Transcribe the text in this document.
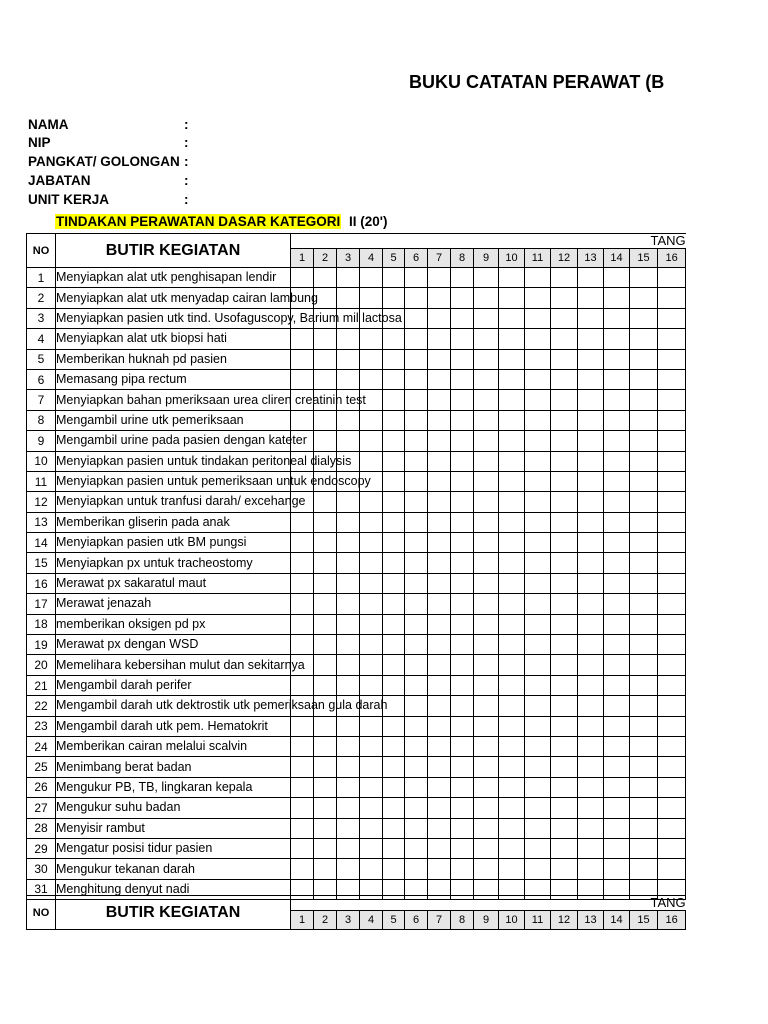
BUKU CATATAN PERAWAT (B
NAMA	:
NIP	:
PANGKAT/ GOLONGAN :
JABATAN	:
UNIT KERJA	:
TINDAKAN PERAWATAN DASAR KATEGORI II (20')
NO	BUTIR KEGIATAN	TANG															
		1	2	3	4	5	6	7	8	9	10	11	12	13	14	15	16
1	Menyiapkan alat utk penghisapan lendir																

2	Menyiapkan alat utk menyadap cairan lambung																

3	Menyiapkan pasien utk tind. Usofaguscopy, Barium mil lactosa																

4	Menyiapkan alat utk biopsi hati																

5	Memberikan huknah pd pasien																

6	Memasang pipa rectum																

7	Menyiapkan bahan pmeriksaan urea cliren creatinin test																

8	Mengambil urine utk pemeriksaan																

9	Mengambil urine pada pasien dengan kateter																

10	Menyiapkan pasien untuk tindakan peritoneal dialysis																

11	Menyiapkan pasien untuk pemeriksaan untuk endoscopy																

12	Menyiapkan untuk tranfusi darah/ excehange																

13	Memberikan gliserin pada anak																

14	Menyiapkan pasien utk BM pungsi																

15	Menyiapkan px untuk tracheostomy																

16	Merawat px sakaratul maut																

17	Merawat jenazah																

18	memberikan oksigen pd px																

19	Merawat px dengan WSD																

20	Memelihara kebersihan mulut dan sekitarnya																

21	Mengambil darah perifer																

22	Mengambil darah utk dektrostik utk pemeriksaan gula darah																

23	Mengambil darah utk pem. Hematokrit																

24	Memberikan cairan melalui scalvin																

25	Menimbang berat badan																

26	Mengukur PB, TB, lingkaran kepala																

27	Mengukur suhu badan																

28	Menyisir rambut																

29	Mengatur posisi tidur pasien																

30	Mengukur tekanan darah																

31	Menghitung denyut nadi																

NO	BUTIR KEGIATAN	TANG															
		1	2	3	4	5	6	7	8	9	10	11	12	13	14	15	16
